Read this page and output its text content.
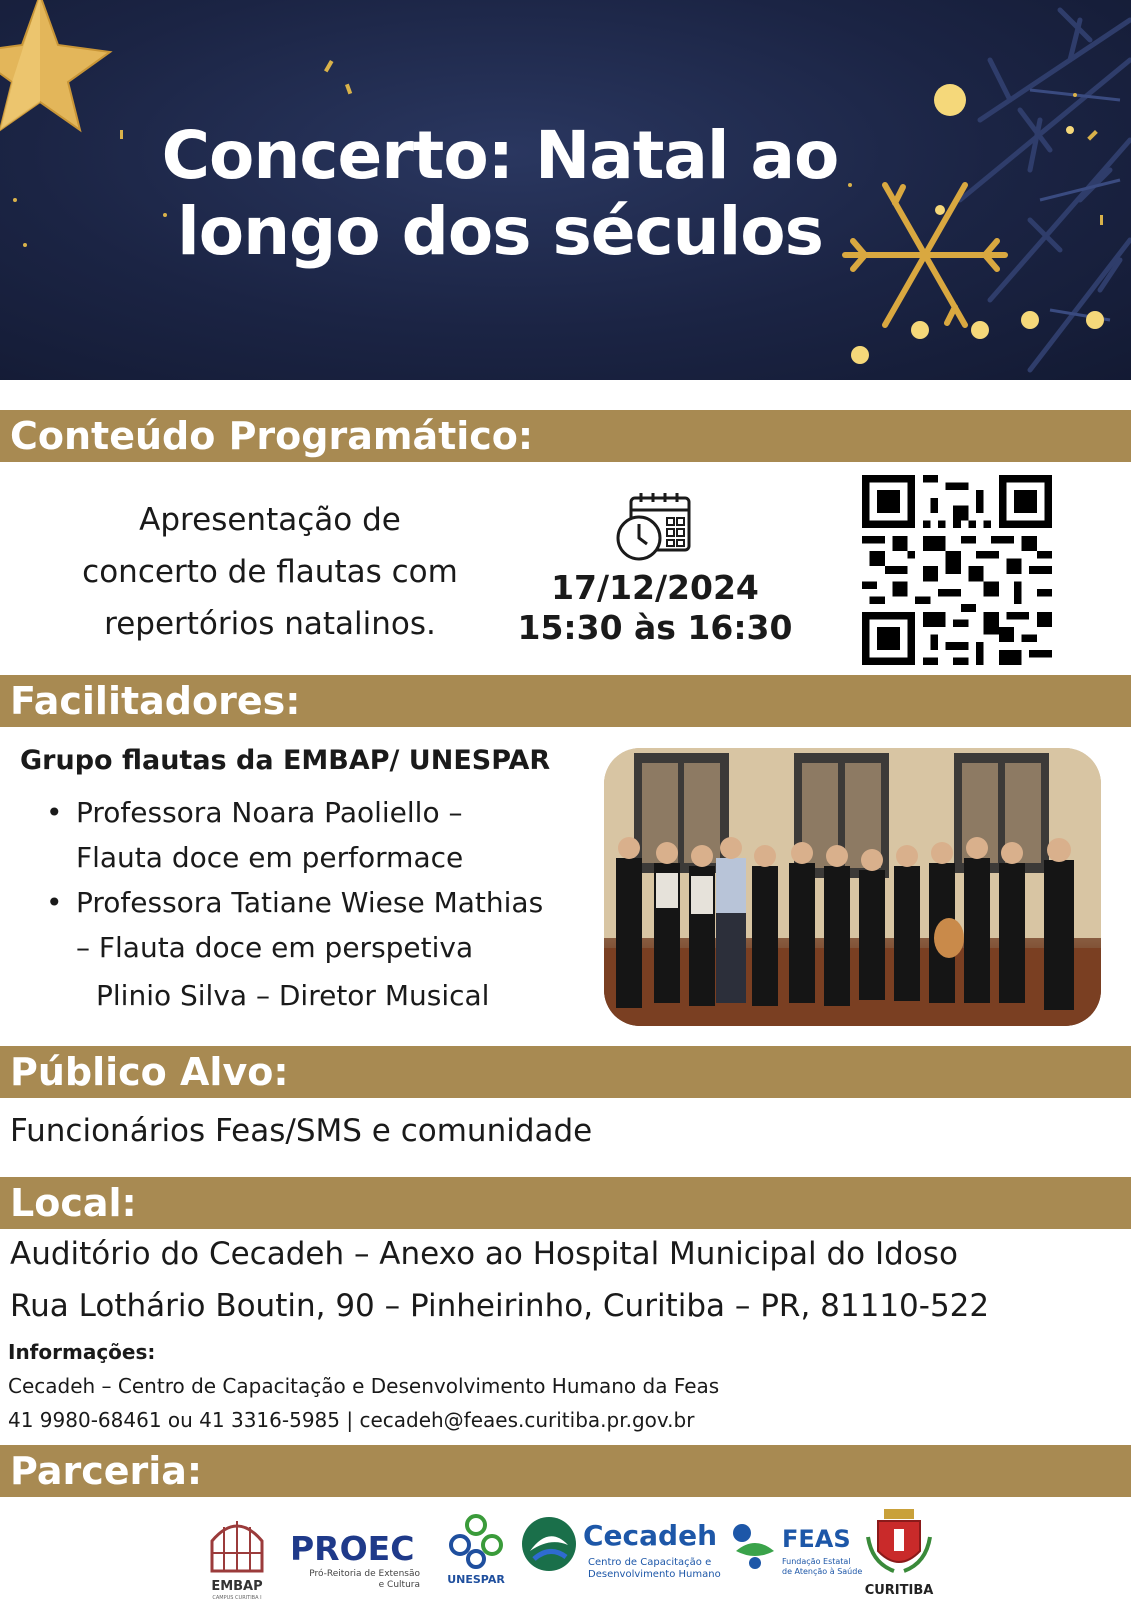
Concerto: Natal ao
longo dos séculos
Conteúdo Programático:
Facilitadores:
Público Alvo:
Local:
Parceria:
Apresentação de
concerto de flautas com
repertórios natalinos.
17/12/2024
15:30 às 16:30
Grupo flautas da EMBAP/ UNESPAR
• Professora Noara Paoliello –
Flauta doce em performace
• Professora Tatiane Wiese Mathias
– Flauta doce em perspetiva
Plinio Silva – Diretor Musical
Funcionários Feas/SMS e comunidade
Auditório do Cecadeh – Anexo ao Hospital Municipal do Idoso
Rua Lothário Boutin, 90 – Pinheirinho, Curitiba – PR, 81110-522
Informações:
Cecadeh – Centro de Capacitação e Desenvolvimento Humano da Feas
41 9980-68461 ou 41 3316-5985 | cecadeh@feaes.curitiba.pr.gov.br
EMBAP
CAMPUS CURITIBA I
PROEC
Pró-Reitoria de Extensão
e Cultura	UNESPAR
Cecadeh
Centro de Capacitação e
Desenvolvimento Humano
FEAS
Fundação Estatal
de Atenção à Saúde
CURITIBA
